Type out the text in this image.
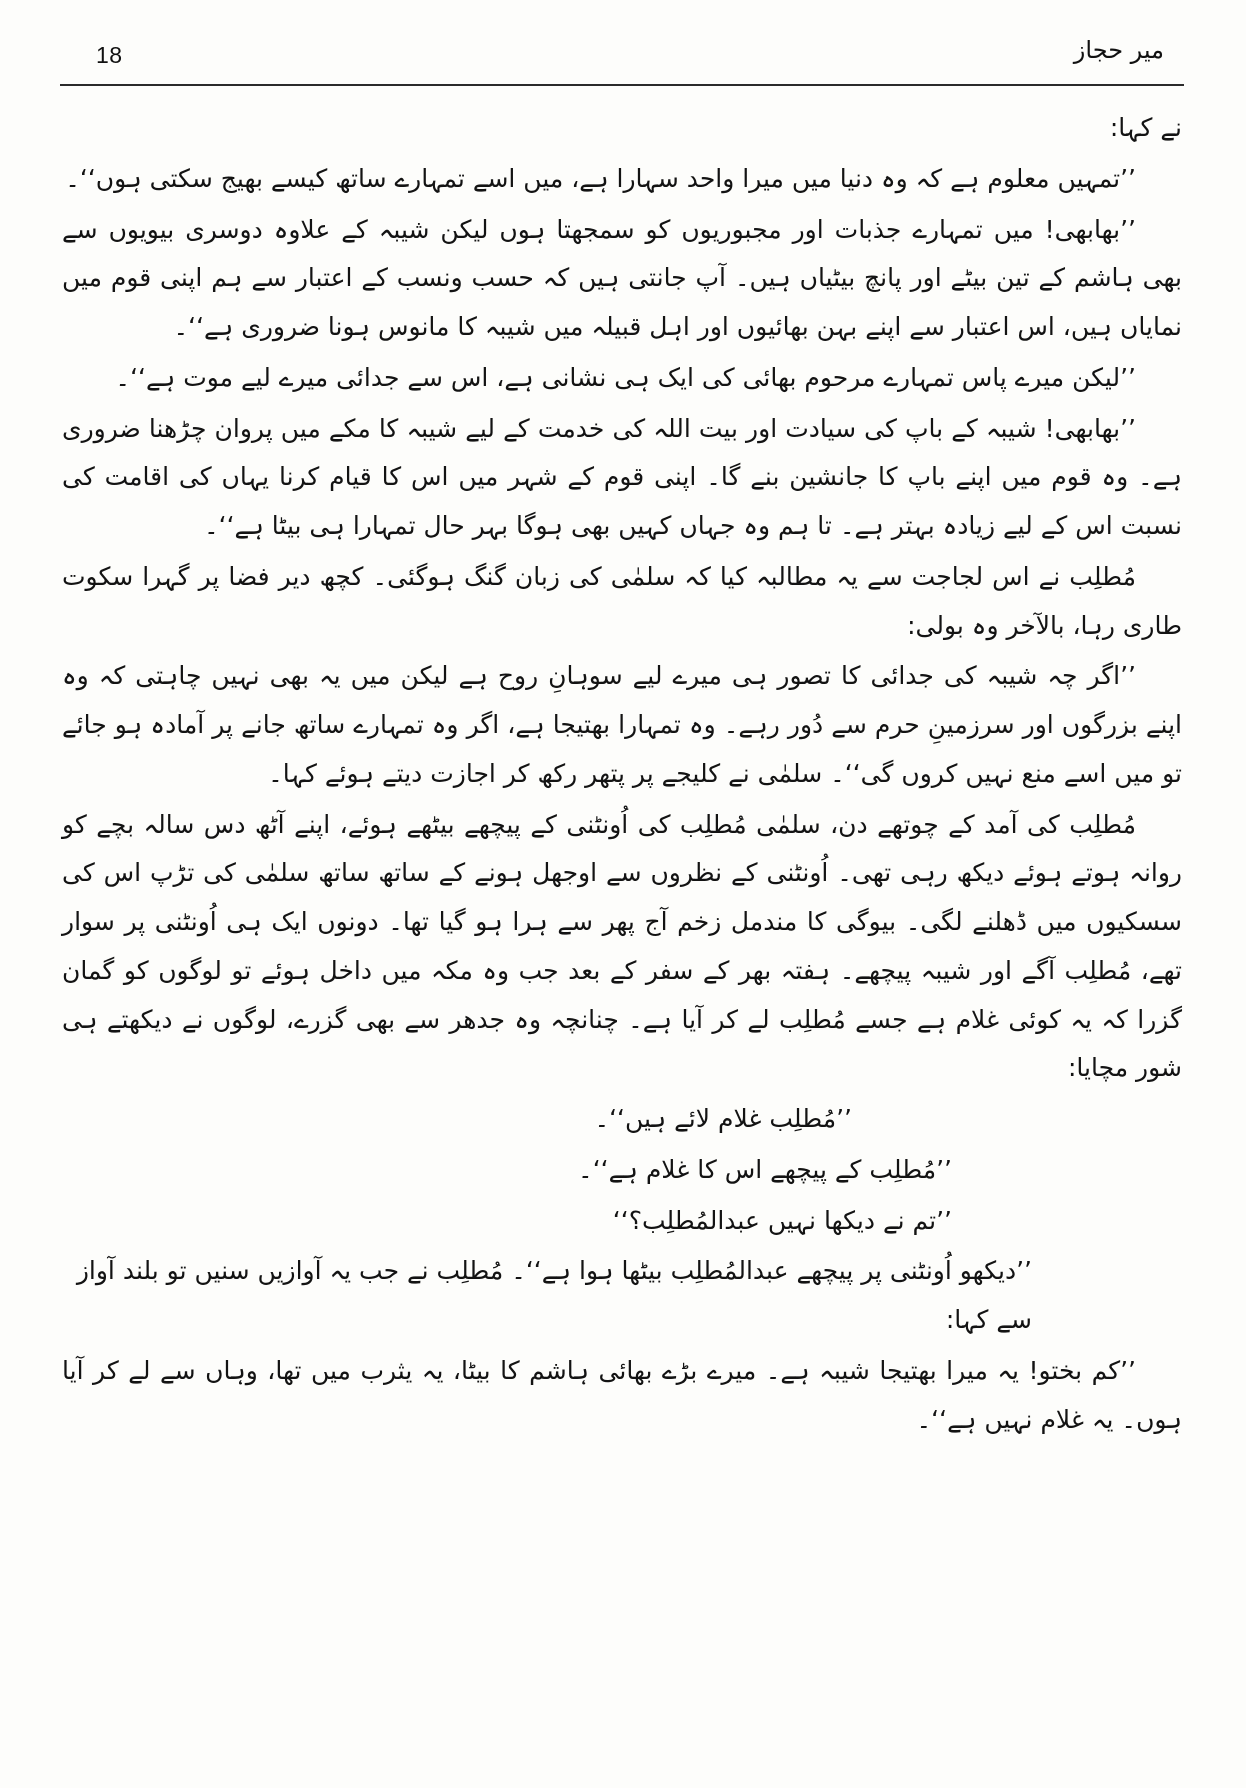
18	میر حجاز

نے کہا:

’’تمہیں معلوم ہے کہ وہ دنیا میں میرا واحد سہارا ہے، میں اسے تمہارے ساتھ کیسے بھیج سکتی ہوں‘‘۔

’’بھابھی! میں تمہارے جذبات اور مجبوریوں کو سمجھتا ہوں لیکن شیبہ کے علاوہ دوسری بیویوں سے بھی ہاشم کے تین بیٹے اور پانچ بیٹیاں ہیں۔ آپ جانتی ہیں کہ حسب ونسب کے اعتبار سے ہم اپنی قوم میں نمایاں ہیں، اس اعتبار سے اپنے بہن بھائیوں اور اہل قبیلہ میں شیبہ کا مانوس ہونا ضروری ہے‘‘۔

’’لیکن میرے پاس تمہارے مرحوم بھائی کی ایک ہی نشانی ہے، اس سے جدائی میرے لیے موت ہے‘‘۔

’’بھابھی! شیبہ کے باپ کی سیادت اور بیت اللہ کی خدمت کے لیے شیبہ کا مکے میں پروان چڑھنا ضروری ہے۔ وہ قوم میں اپنے باپ کا جانشین بنے گا۔ اپنی قوم کے شہر میں اس کا قیام کرنا یہاں کی اقامت کی نسبت اس کے لیے زیادہ بہتر ہے۔ تا ہم وہ جہاں کہیں بھی ہوگا بہر حال تمہارا ہی بیٹا ہے‘‘۔

مُطلِب نے اس لجاجت سے یہ مطالبہ کیا کہ سلمٰی کی زبان گنگ ہوگئی۔ کچھ دیر فضا پر گہرا سکوت طاری رہا، بالآخر وہ بولی:

’’اگر چہ شیبہ کی جدائی کا تصور ہی میرے لیے سوہانِ روح ہے لیکن میں یہ بھی نہیں چاہتی کہ وہ اپنے بزرگوں اور سرزمینِ حرم سے دُور رہے۔ وہ تمہارا بھتیجا ہے، اگر وہ تمہارے ساتھ جانے پر آمادہ ہو جائے تو میں اسے منع نہیں کروں گی‘‘۔ سلمٰی نے کلیجے پر پتھر رکھ کر اجازت دیتے ہوئے کہا۔

مُطلِب کی آمد کے چوتھے دن، سلمٰی مُطلِب کی اُونٹنی کے پیچھے بیٹھے ہوئے، اپنے آٹھ دس سالہ بچے کو روانہ ہوتے ہوئے دیکھ رہی تھی۔ اُونٹنی کے نظروں سے اوجھل ہونے کے ساتھ ساتھ سلمٰی کی تڑپ اس کی سسکیوں میں ڈھلنے لگی۔ بیوگی کا مندمل زخم آج پھر سے ہرا ہو گیا تھا۔ دونوں ایک ہی اُونٹنی پر سوار تھے، مُطلِب آگے اور شیبہ پیچھے۔ ہفتہ بھر کے سفر کے بعد جب وہ مکہ میں داخل ہوئے تو لوگوں کو گمان گزرا کہ یہ کوئی غلام ہے جسے مُطلِب لے کر آیا ہے۔ چنانچہ وہ جدھر سے بھی گزرے، لوگوں نے دیکھتے ہی شور مچایا:

’’مُطلِب غلام لائے ہیں‘‘۔

’’مُطلِب کے پیچھے اس کا غلام ہے‘‘۔

’’تم نے دیکھا نہیں عبدالمُطلِب؟‘‘

’’دیکھو اُونٹنی پر پیچھے عبدالمُطلِب بیٹھا ہوا ہے‘‘۔ مُطلِب نے جب یہ آوازیں سنیں تو بلند آواز سے کہا:

’’کم بختو! یہ میرا بھتیجا شیبہ ہے۔ میرے بڑے بھائی ہاشم کا بیٹا، یہ یثرب میں تھا، وہاں سے لے کر آیا ہوں۔ یہ غلام نہیں ہے‘‘۔
